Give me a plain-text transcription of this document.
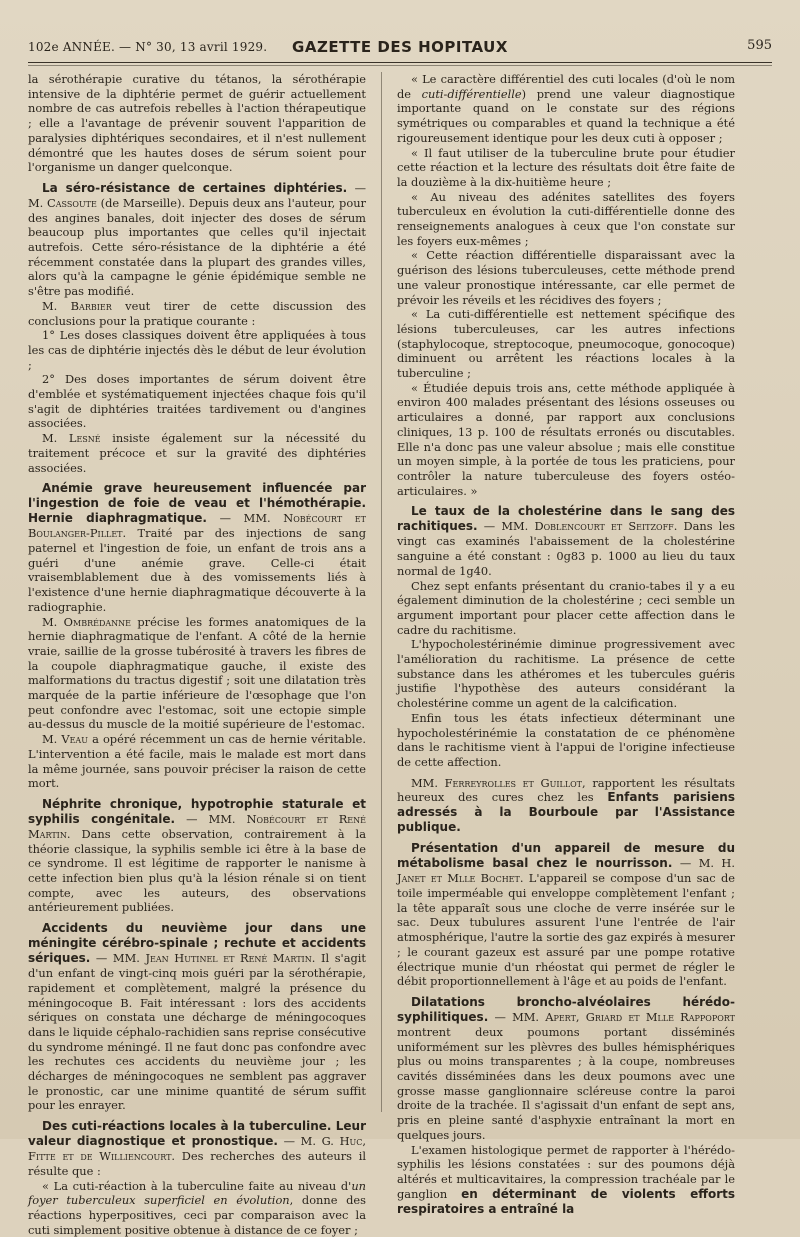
102e ANNÉE. — N° 30, 13 avril 1929.	GAZETTE DES HOPITAUX	595

la sérothérapie curative du tétanos, la sérothérapie intensive de la diphtérie permet de guérir actuellement nombre de cas autrefois rebelles à l'action thérapeutique ; elle a l'avantage de prévenir souvent l'apparition de paralysies diphtériques secondaires, et il n'est nullement démontré que les hautes doses de sérum soient pour l'organisme un danger quelconque.

La séro-résistance de certaines diphtéries. — M. Cassoute (de Marseille). Depuis deux ans l'auteur, pour des angines banales, doit injecter des doses de sérum beaucoup plus importantes que celles qu'il injectait autrefois. Cette séro-résistance de la diphtérie a été récemment constatée dans la plupart des grandes villes, alors qu'à la campagne le génie épidémique semble ne s'être pas modifié.

M. Barbier veut tirer de cette discussion des conclusions pour la pratique courante :

1° Les doses classiques doivent être appliquées à tous les cas de diphtérie injectés dès le début de leur évolution ;

2° Des doses importantes de sérum doivent être d'emblée et systématiquement injectées chaque fois qu'il s'agit de diphtéries traitées tardivement ou d'angines associées.

M. Lesné insiste également sur la nécessité du traitement précoce et sur la gravité des diphtéries associées.

Anémie grave heureusement influencée par l'ingestion de foie de veau et l'hémothérapie. Hernie diaphragmatique. — MM. Nobécourt et Boulanger-Pillet. Traité par des injections de sang paternel et l'ingestion de foie, un enfant de trois ans a guéri d'une anémie grave. Celle-ci était vraisemblablement due à des vomissements liés à l'existence d'une hernie diaphragmatique découverte à la radiographie.

M. Ombrédanne précise les formes anatomiques de la hernie diaphragmatique de l'enfant. A côté de la hernie vraie, saillie de la grosse tubérosité à travers les fibres de la coupole diaphragmatique gauche, il existe des malformations du tractus digestif ; soit une dilatation très marquée de la partie inférieure de l'œsophage que l'on peut confondre avec l'estomac, soit une ectopie simple au-dessus du muscle de la moitié supérieure de l'estomac.

M. Veau a opéré récemment un cas de hernie véritable. L'intervention a été facile, mais le malade est mort dans la même journée, sans pouvoir préciser la raison de cette mort.

Néphrite chronique, hypotrophie staturale et syphilis congénitale. — MM. Nobécourt et René Martin. Dans cette observation, contrairement à la théorie classique, la syphilis semble ici être à la base de ce syndrome. Il est légitime de rapporter le nanisme à cette infection bien plus qu'à la lésion rénale si on tient compte, avec les auteurs, des observations antérieurement publiées.

Accidents du neuvième jour dans une méningite cérébro-spinale ; rechute et accidents sériques. — MM. Jean Hutinel et René Martin. Il s'agit d'un enfant de vingt-cinq mois guéri par la sérothérapie, rapidement et complètement, malgré la présence du méningocoque B. Fait intéressant : lors des accidents sériques on constata une décharge de méningocoques dans le liquide céphalo-rachidien sans reprise consécutive du syndrome méningé. Il ne faut donc pas confondre avec les rechutes ces accidents du neuvième jour ; les décharges de méningocoques ne semblent pas aggraver le pronostic, car une minime quantité de sérum suffit pour les enrayer.

Des cuti-réactions locales à la tuberculine. Leur valeur diagnostique et pronostique. — M. G. Huc, Fitte et de Williencourt. Des recherches des auteurs il résulte que :

« La cuti-réaction à la tuberculine faite au niveau d'un foyer tuberculeux superficiel en évolution, donne des réactions hyperpositives, ceci par comparaison avec la cuti simplement positive obtenue à distance de ce foyer ;

« Le caractère différentiel des cuti locales (d'où le nom de cuti-différentielle) prend une valeur diagnostique importante quand on le constate sur des régions symétriques ou comparables et quand la technique a été rigoureusement identique pour les deux cuti à opposer ;

« Il faut utiliser de la tuberculine brute pour étudier cette réaction et la lecture des résultats doit être faite de la douzième à la dix-huitième heure ;

« Au niveau des adénites satellites des foyers tuberculeux en évolution la cuti-différentielle donne des renseignements analogues à ceux que l'on constate sur les foyers eux-mêmes ;

« Cette réaction différentielle disparaissant avec la guérison des lésions tuberculeuses, cette méthode prend une valeur pronostique intéressante, car elle permet de prévoir les réveils et les récidives des foyers ;

« La cuti-différentielle est nettement spécifique des lésions tuberculeuses, car les autres infections (staphylocoque, streptocoque, pneumocoque, gonocoque) diminuent ou arrêtent les réactions locales à la tuberculine ;

« Étudiée depuis trois ans, cette méthode appliquée à environ 400 malades présentant des lésions osseuses ou articulaires a donné, par rapport aux conclusions cliniques, 13 p. 100 de résultats erronés ou discutables. Elle n'a donc pas une valeur absolue ; mais elle constitue un moyen simple, à la portée de tous les praticiens, pour contrôler la nature tuberculeuse des foyers ostéo-articulaires. »

Le taux de la cholestérine dans le sang des rachitiques. — MM. Doblencourt et Seitzoff. Dans les vingt cas examinés l'abaissement de la cholestérine sanguine a été constant : 0g83 p. 1000 au lieu du taux normal de 1g40.

Chez sept enfants présentant du cranio-tabes il y a eu également diminution de la cholestérine ; ceci semble un argument important pour placer cette affection dans le cadre du rachitisme.

L'hypocholestérinémie diminue progressivement avec l'amélioration du rachitisme. La présence de cette substance dans les athéromes et les tubercules guéris justifie l'hypothèse des auteurs considérant la cholestérine comme un agent de la calcification.

Enfin tous les états infectieux déterminant une hypocholestérinémie la constatation de ce phénomène dans le rachitisme vient à l'appui de l'origine infectieuse de cette affection.

MM. Ferreyrolles et Guillot, rapportent les résultats heureux des cures chez les Enfants parisiens adressés à la Bourboule par l'Assistance publique.

Présentation d'un appareil de mesure du métabolisme basal chez le nourrisson. — M. H. Janet et Mlle Bochet. L'appareil se compose d'un sac de toile imperméable qui enveloppe complètement l'enfant ; la tête apparaît sous une cloche de verre insérée sur le sac. Deux tubulures assurent l'une l'entrée de l'air atmosphérique, l'autre la sortie des gaz expirés à mesurer ; le courant gazeux est assuré par une pompe rotative électrique munie d'un rhéostat qui permet de régler le débit proportionnellement à l'âge et au poids de l'enfant.

Dilatations broncho-alvéolaires hérédo-syphilitiques. — MM. Apert, Griard et Mlle Rappoport montrent deux poumons portant disséminés uniformément sur les plèvres des bulles hémisphériques plus ou moins transparentes ; à la coupe, nombreuses cavités disséminées dans les deux poumons avec une grosse masse ganglionnaire scléreuse contre la paroi droite de la trachée. Il s'agissait d'un enfant de sept ans, pris en pleine santé d'asphyxie entraînant la mort en quelques jours.

L'examen histologique permet de rapporter à l'hérédo-syphilis les lésions constatées : sur des poumons déjà altérés et multicavitaires, la compression trachéale par le ganglion en déterminant de violents efforts respiratoires a entraîné la
